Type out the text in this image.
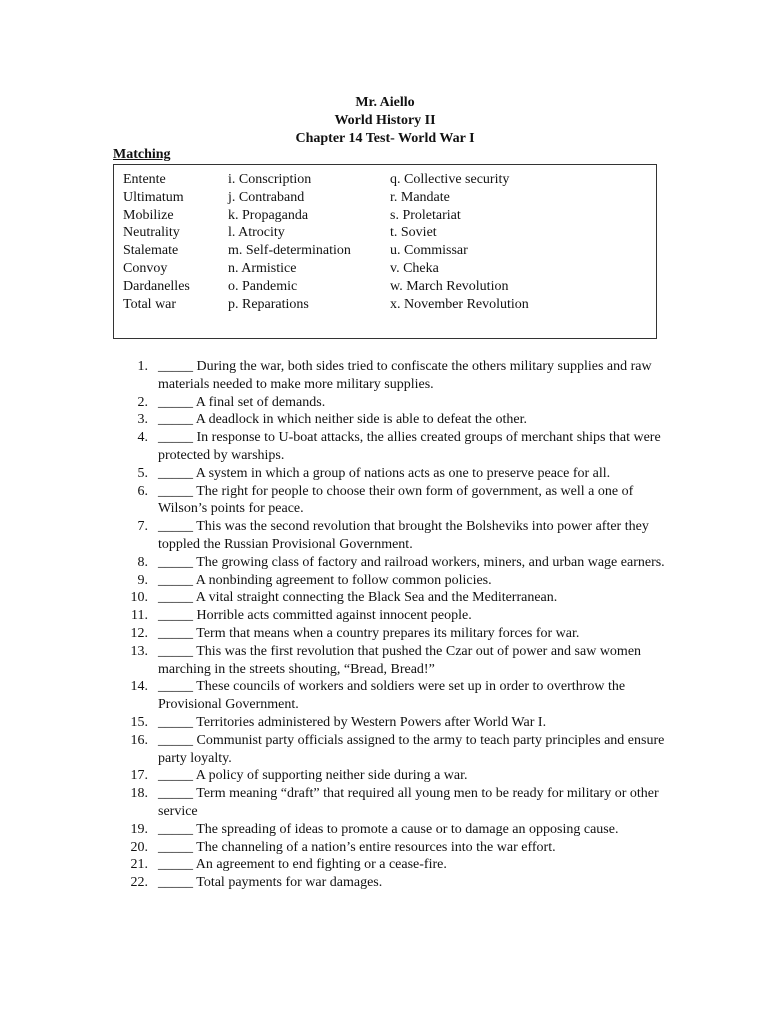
Mr. Aiello
World History II
Chapter 14 Test- World War I
Matching
Entente
Ultimatum
Mobilize
Neutrality
Stalemate
Convoy
Dardanelles
Total war
i. Conscription
j. Contraband
k. Propaganda
l. Atrocity
m. Self-determination
n. Armistice
o. Pandemic
p. Reparations
q. Collective security
r. Mandate
s. Proletariat
t. Soviet
u. Commissar
v. Cheka
w. March Revolution
x. November Revolution
1. _____ During the war, both sides tried to confiscate the others military supplies and raw materials needed to make more military supplies.
2. _____ A final set of demands.
3. _____ A deadlock in which neither side is able to defeat the other.
4. _____ In response to U-boat attacks, the allies created groups of merchant ships that were protected by warships.
5. _____ A system in which a group of nations acts as one to preserve peace for all.
6. _____ The right for people to choose their own form of government, as well a one of Wilson’s points for peace.
7. _____ This was the second revolution that brought the Bolsheviks into power after they toppled the Russian Provisional Government.
8. _____ The growing class of factory and railroad workers, miners, and urban wage earners.
9. _____ A nonbinding agreement to follow common policies.
10. _____ A vital straight connecting the Black Sea and the Mediterranean.
11. _____ Horrible acts committed against innocent people.
12. _____ Term that means when a country prepares its military forces for war.
13. _____ This was the first revolution that pushed the Czar out of power and saw women marching in the streets shouting, “Bread, Bread!”
14. _____ These councils of workers and soldiers were set up in order to overthrow the Provisional Government.
15. _____ Territories administered by Western Powers after World War I.
16. _____ Communist party officials assigned to the army to teach party principles and ensure party loyalty.
17. _____ A policy of supporting neither side during a war.
18. _____ Term meaning “draft” that required all young men to be ready for military or other service
19. _____ The spreading of ideas to promote a cause or to damage an opposing cause.
20. _____ The channeling of a nation’s entire resources into the war effort.
21. _____ An agreement to end fighting or a cease-fire.
22. _____ Total payments for war damages.
